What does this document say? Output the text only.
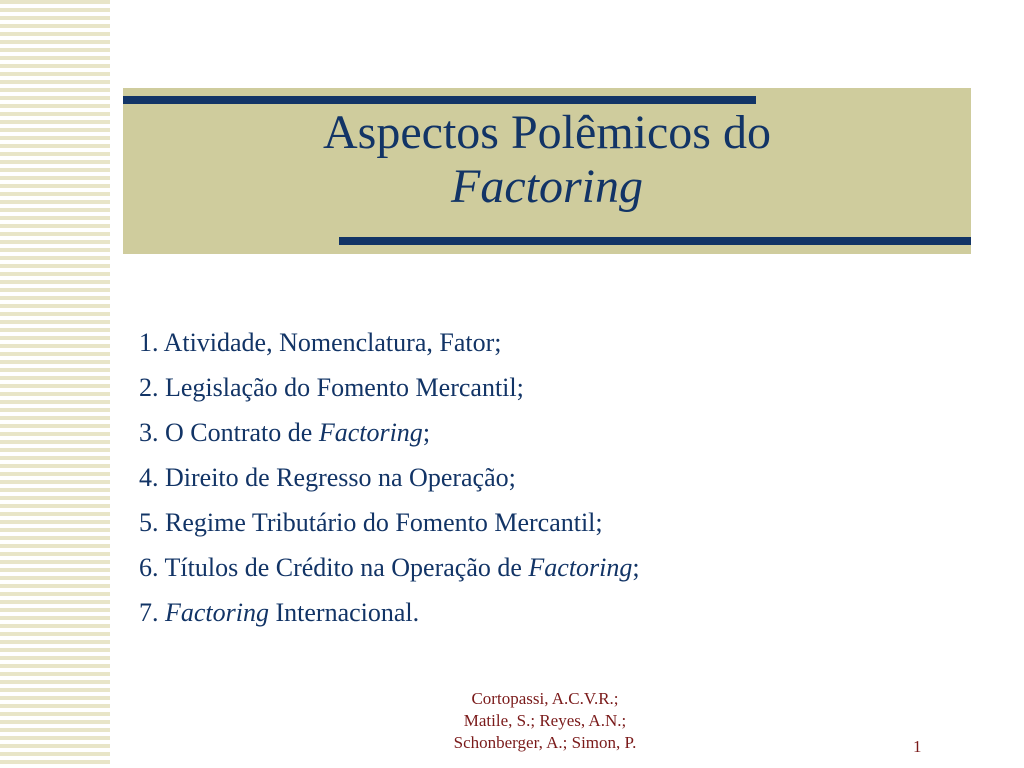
Aspectos Polêmicos do
Factoring
1. Atividade, Nomenclatura, Fator;
2. Legislação do Fomento Mercantil;
3. O Contrato de Factoring;
4. Direito de Regresso na Operação;
5. Regime Tributário do Fomento Mercantil;
6. Títulos de Crédito na Operação de Factoring;
7. Factoring Internacional.
Cortopassi, A.C.V.R.;
Matile, S.; Reyes, A.N.;
Schonberger, A.; Simon, P.	1
